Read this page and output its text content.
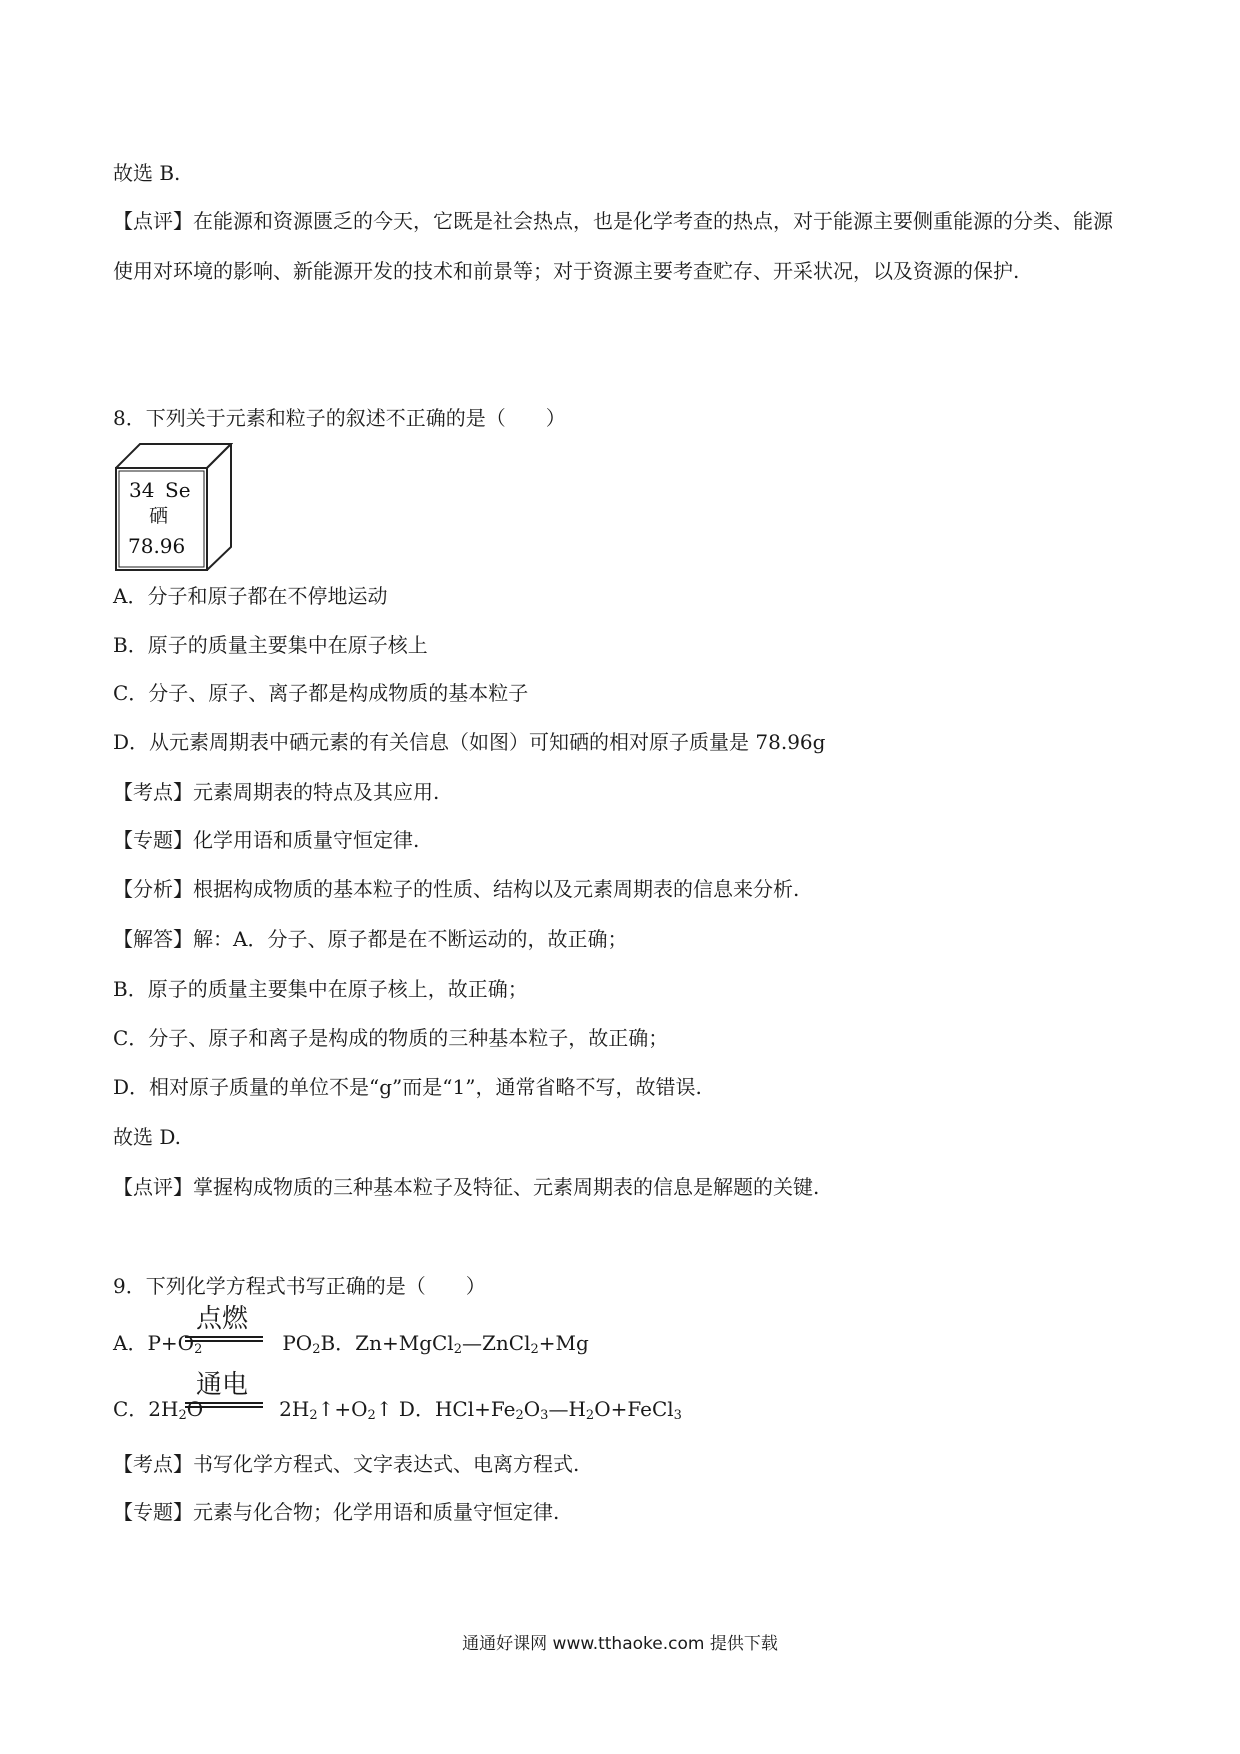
故选 B.
【点评】在能源和资源匮乏的今天，它既是社会热点，也是化学考查的热点，对于能源主要侧重能源的分类、能源使用对环境的影响、新能源开发的技术和前景等；对于资源主要考查贮存、开采状况，以及资源的保护.
8．下列关于元素和粒子的叙述不正确的是（　　）
34 Se
硒
78.96
A．分子和原子都在不停地运动
B．原子的质量主要集中在原子核上
C．分子、原子、离子都是构成物质的基本粒子
D．从元素周期表中硒元素的有关信息（如图）可知硒的相对原子质量是 78.96g
【考点】元素周期表的特点及其应用.
【专题】化学用语和质量守恒定律.
【分析】根据构成物质的基本粒子的性质、结构以及元素周期表的信息来分析.
【解答】解：A．分子、原子都是在不断运动的，故正确；
B．原子的质量主要集中在原子核上，故正确；
C．分子、原子和离子是构成的物质的三种基本粒子，故正确；
D．相对原子质量的单位不是“g”而是“1”，通常省略不写，故错误.
故选 D.
【点评】掌握构成物质的三种基本粒子及特征、元素周期表的信息是解题的关键.
9．下列化学方程式书写正确的是（　　）
点燃
A．$P+O_2$	$PO_2B$．Zn+MgCl$_2$—ZnCl$_2$+Mg
通电
C．$2H_2O$	$2H_2↑+O_2↑$ D．$HCl+Fe_2O_3—H_2O+FeCl_3$
【考点】书写化学方程式、文字表达式、电离方程式.
【专题】元素与化合物；化学用语和质量守恒定律.
通通好课网 www.tthaoke.com 提供下载
